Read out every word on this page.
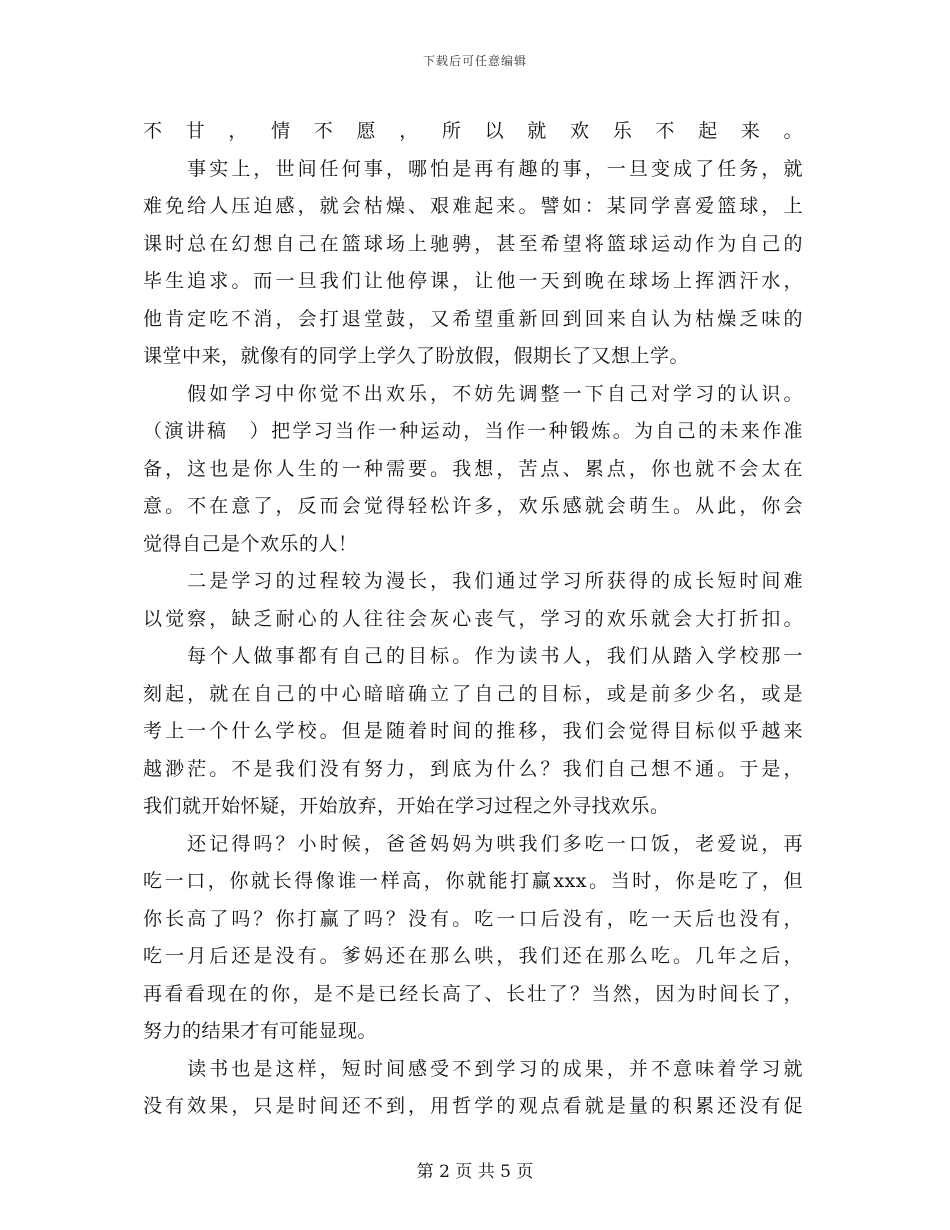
下载后可任意编辑
不甘，情不愿，所以就欢乐不起来。
　　事实上，世间任何事，哪怕是再有趣的事，一旦变成了任务，就
难免给人压迫感，就会枯燥、艰难起来。譬如：某同学喜爱篮球，上
课时总在幻想自己在篮球场上驰骋，甚至希望将篮球运动作为自己的
毕生追求。而一旦我们让他停课，让他一天到晚在球场上挥洒汗水，
他肯定吃不消，会打退堂鼓，又希望重新回到回来自认为枯燥乏味的
课堂中来，就像有的同学上学久了盼放假，假期长了又想上学。
　　假如学习中你觉不出欢乐，不妨先调整一下自己对学习的认识。
（演讲稿　）把学习当作一种运动，当作一种锻炼。为自己的未来作准
备，这也是你人生的一种需要。我想，苦点、累点，你也就不会太在
意。不在意了，反而会觉得轻松许多，欢乐感就会萌生。从此，你会
觉得自己是个欢乐的人！
　　二是学习的过程较为漫长，我们通过学习所获得的成长短时间难
以觉察，缺乏耐心的人往往会灰心丧气，学习的欢乐就会大打折扣。
　　每个人做事都有自己的目标。作为读书人，我们从踏入学校那一
刻起，就在自己的中心暗暗确立了自己的目标，或是前多少名，或是
考上一个什么学校。但是随着时间的推移，我们会觉得目标似乎越来
越渺茫。不是我们没有努力，到底为什么？我们自己想不通。于是，
我们就开始怀疑，开始放弃，开始在学习过程之外寻找欢乐。
　　还记得吗？小时候，爸爸妈妈为哄我们多吃一口饭，老爱说，再
吃一口，你就长得像谁一样高，你就能打赢xxx。当时，你是吃了，但
你长高了吗？你打赢了吗？没有。吃一口后没有，吃一天后也没有，
吃一月后还是没有。爹妈还在那么哄，我们还在那么吃。几年之后，
再看看现在的你，是不是已经长高了、长壮了？当然，因为时间长了，
努力的结果才有可能显现。
　　读书也是这样，短时间感受不到学习的成果，并不意味着学习就
没有效果，只是时间还不到，用哲学的观点看就是量的积累还没有促
第 2 页 共 5 页
